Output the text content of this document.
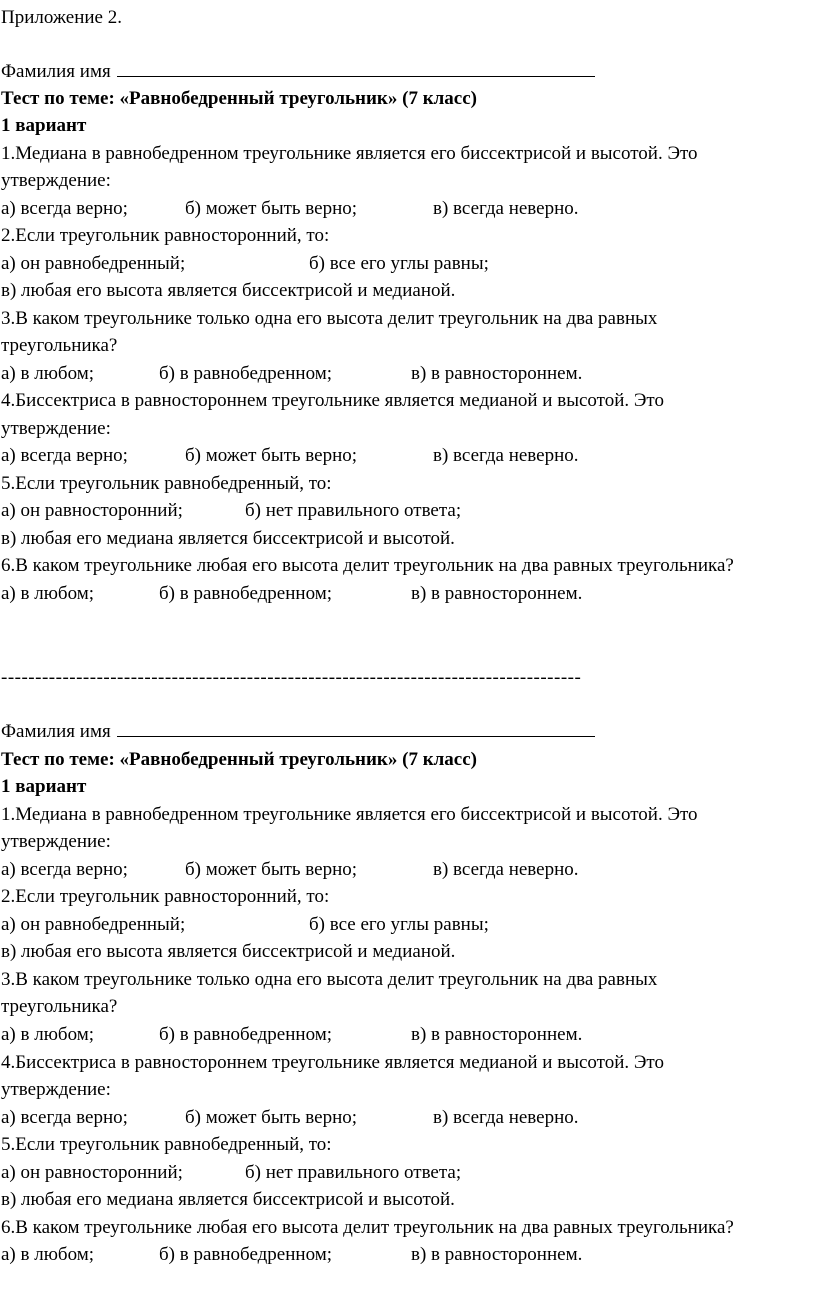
Приложение 2.
Фамилия имя
Тест по теме: «Равнобедренный треугольник» (7 класс)
1 вариант
1.Медиана в равнобедренном треугольнике является его биссектрисой и высотой. Это
утверждение:
а) всегда верно;	б) может быть верно;	в) всегда неверно.
2.Если треугольник равносторонний, то:
а) он равнобедренный;	б) все его углы равны;
в) любая его высота является биссектрисой и медианой.
3.В каком треугольнике только одна его высота делит треугольник на два равных
треугольника?
а) в любом;	б) в равнобедренном;	в) в равностороннем.
4.Биссектриса в равностороннем треугольнике является медианой и высотой. Это
утверждение:
а) всегда верно;	б) может быть верно;	в) всегда неверно.
5.Если треугольник равнобедренный, то:
а) он равносторонний;	б) нет правильного ответа;
в) любая его медиана является биссектрисой и высотой.
6.В каком треугольнике любая его высота делит треугольник на два равных треугольника?
а) в любом;	б) в равнобедренном;	в) в равностороннем.
-------------------------------------------------------------------------------------
Фамилия имя
Тест по теме: «Равнобедренный треугольник» (7 класс)
1 вариант
1.Медиана в равнобедренном треугольнике является его биссектрисой и высотой. Это
утверждение:
а) всегда верно;	б) может быть верно;	в) всегда неверно.
2.Если треугольник равносторонний, то:
а) он равнобедренный;	б) все его углы равны;
в) любая его высота является биссектрисой и медианой.
3.В каком треугольнике только одна его высота делит треугольник на два равных
треугольника?
а) в любом;	б) в равнобедренном;	в) в равностороннем.
4.Биссектриса в равностороннем треугольнике является медианой и высотой. Это
утверждение:
а) всегда верно;	б) может быть верно;	в) всегда неверно.
5.Если треугольник равнобедренный, то:
а) он равносторонний;	б) нет правильного ответа;
в) любая его медиана является биссектрисой и высотой.
6.В каком треугольнике любая его высота делит треугольник на два равных треугольника?
а) в любом;	б) в равнобедренном;	в) в равностороннем.
